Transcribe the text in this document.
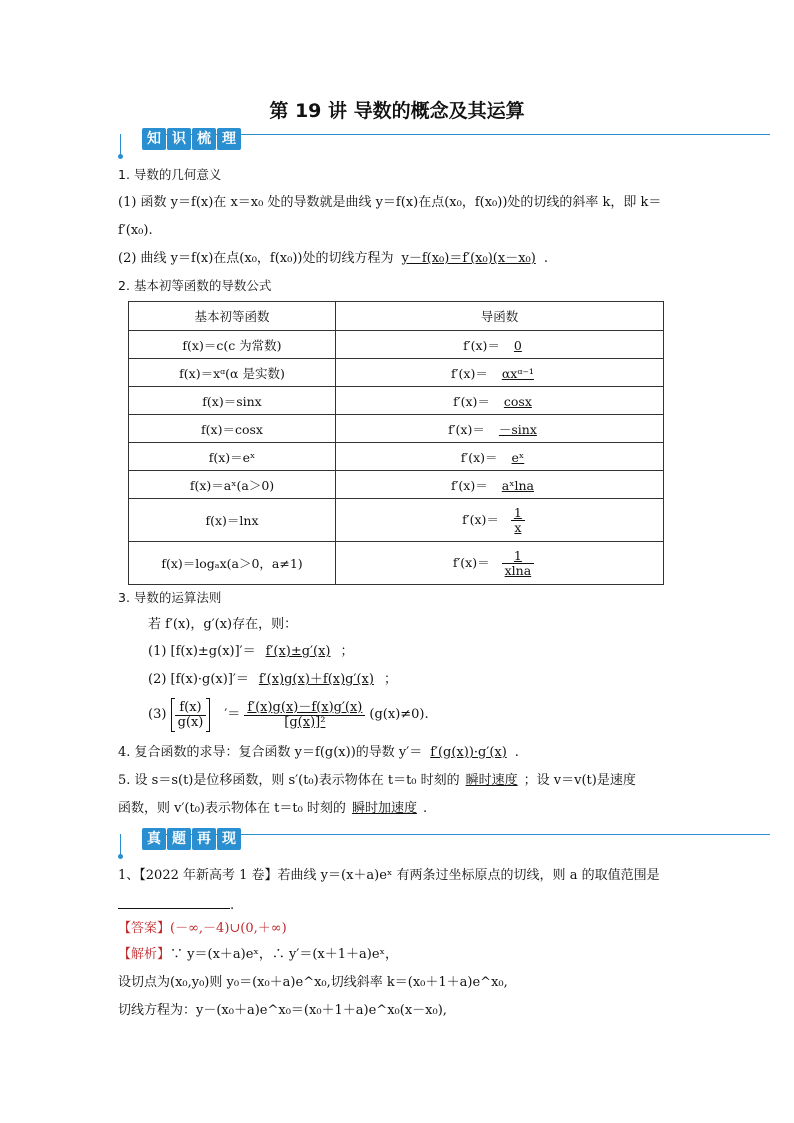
第 19 讲 导数的概念及其运算
知 识 梳 理
1. 导数的几何意义
(1) 函数 y＝f(x)在 x＝x₀ 处的导数就是曲线 y＝f(x)在点(x₀，f(x₀))处的切线的斜率 k，即 k＝
f′(x₀).
(2) 曲线 y＝f(x)在点(x₀，f(x₀))处的切线方程为 y－f(x₀)＝f′(x₀)(x－x₀) .
2. 基本初等函数的导数公式
基本初等函数	导函数
f(x)＝c(c 为常数)	f′(x)＝ 0
f(x)＝xᵅ(α 是实数)	f′(x)＝ αxᵅ⁻¹
f(x)＝sinx	f′(x)＝ cosx
f(x)＝cosx	f′(x)＝ －sinx
f(x)＝eˣ	f′(x)＝ eˣ
f(x)＝aˣ(a＞0)	f′(x)＝ aˣlna
f(x)＝lnx	$f'(x)= \frac{1}{x}$

f(x)＝logₐx(a＞0，a≠1)	$f'(x)= \frac{1}{xlna}$
3. 导数的运算法则
若 f′(x)，g′(x)存在，则：
(1) [f(x)±g(x)]′＝ f′(x)±g′(x) ；
(2) [f(x)·g(x)]′＝ f′(x)g(x)＋f(x)g′(x) ；
$(3) \frac{f(x)}{g(x)}$ ′＝ $\frac{f'(x)g(x)-f(x)g'(x)}{\text{[g(x)]²}} (g(x)\ne 0)$.
4. 复合函数的求导：复合函数 y＝f(g(x))的导数 y′＝ f′(g(x))·g′(x) .
5. 设 s＝s(t)是位移函数，则 s′(t₀)表示物体在 t＝t₀ 时刻的 瞬时速度 ；设 v＝v(t)是速度
函数，则 v′(t₀)表示物体在 t＝t₀ 时刻的 瞬时加速度 .
真 题 再 现
1、【2022 年新高考 1 卷】若曲线 y＝(x＋a)eˣ 有两条过坐标原点的切线，则 a 的取值范围是
.
【答案】(－∞,－4)∪(0,＋∞)
【解析】∵ y＝(x＋a)eˣ，∴ y′＝(x＋1＋a)eˣ，
设切点为(x₀,y₀)则 y₀＝(x₀＋a)e^x₀,切线斜率 k＝(x₀＋1＋a)e^x₀,
切线方程为：y－(x₀＋a)e^x₀＝(x₀＋1＋a)e^x₀(x－x₀),
